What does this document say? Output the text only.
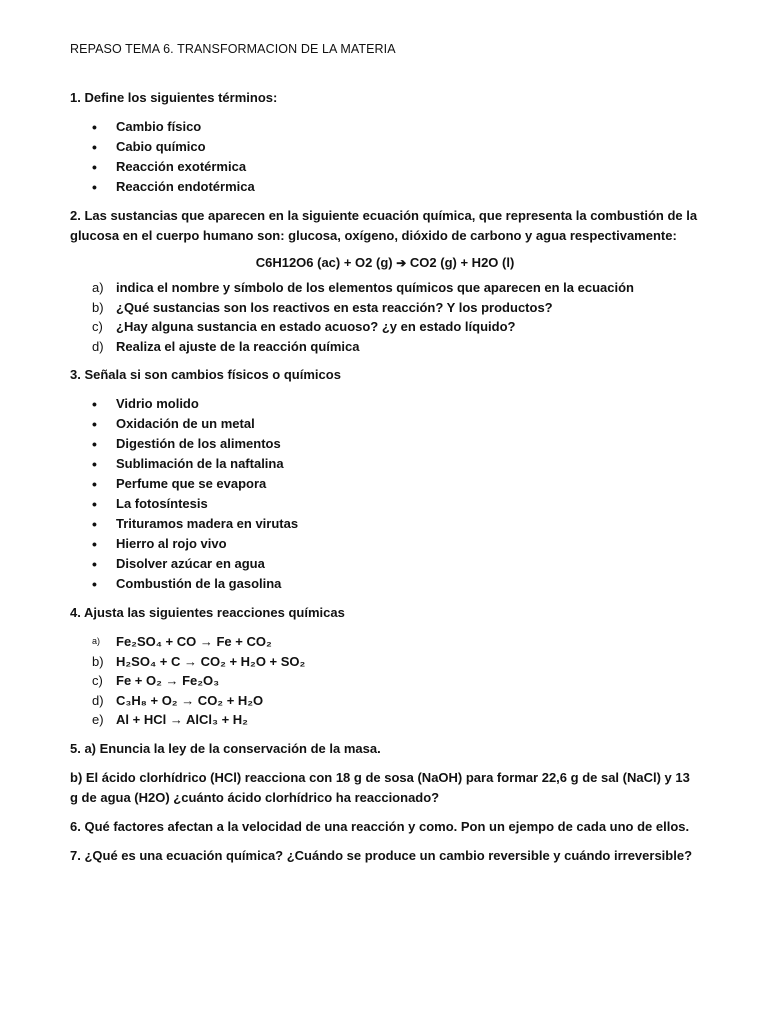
REPASO TEMA 6. TRANSFORMACION DE LA MATERIA

1. Define los siguientes términos:

• Cambio físico
• Cabio químico
• Reacción exotérmica
• Reacción endotérmica

2. Las sustancias que aparecen en la siguiente ecuación química, que representa la combustión de la glucosa en el cuerpo humano son: glucosa, oxígeno, dióxido de carbono y agua respectivamente:

C6H12O6 (ac) + O2 (g) ➔ CO2 (g) + H2O (l)
a) indica el nombre y símbolo de los elementos químicos que aparecen en la ecuación
b) ¿Qué sustancias son los reactivos en esta reacción? Y los productos?
c) ¿Hay alguna sustancia en estado acuoso? ¿y en estado líquido?
d) Realiza el ajuste de la reacción química

3. Señala si son cambios físicos o químicos

• Vidrio molido
• Oxidación de un metal
• Digestión de los alimentos
• Sublimación de la naftalina
• Perfume que se evapora
• La fotosíntesis
• Trituramos madera en virutas
• Hierro al rojo vivo
• Disolver azúcar en agua
• Combustión de la gasolina

4. Ajusta las siguientes reacciones químicas

a) Fe₂SO₄ + CO → Fe + CO₂
b) H₂SO₄ + C → CO₂ + H₂O + SO₂
c) Fe + O₂ → Fe₂O₃
d) C₃H₈ + O₂ → CO₂ + H₂O
e) Al + HCl → AlCl₃ + H₂

5. a) Enuncia la ley de la conservación de la masa.

b) El ácido clorhídrico (HCl) reacciona con 18 g de sosa (NaOH) para formar 22,6 g de sal (NaCl) y 13 g de agua (H2O) ¿cuánto ácido clorhídrico ha reaccionado?

6. Qué factores afectan a la velocidad de una reacción y como. Pon un ejempo de cada uno de ellos.

7. ¿Qué es una ecuación química? ¿Cuándo se produce un cambio reversible y cuándo irreversible?
